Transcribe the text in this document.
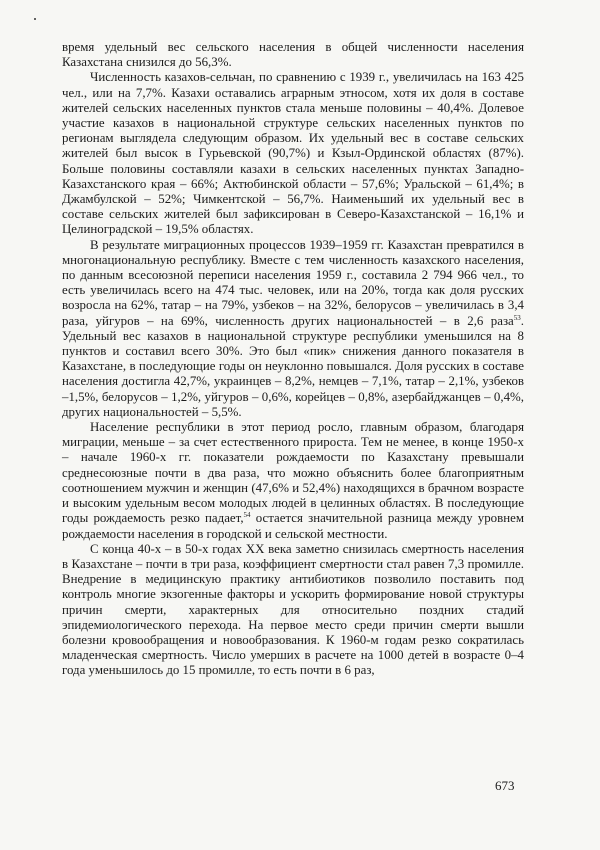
время удельный вес сельского населения в общей численности населения Казахстана снизился до 56,3%.

Численность казахов-сельчан, по сравнению с 1939 г., увеличилась на 163 425 чел., или на 7,7%. Казахи оставались аграрным этносом, хотя их доля в составе жителей сельских населенных пунктов стала меньше половины – 40,4%. Долевое участие казахов в национальной структуре сельских населенных пунктов по регионам выглядела следующим образом. Их удельный вес в составе сельских жителей был высок в Гурьевской (90,7%) и Кзыл-Ординской областях (87%). Больше половины составляли казахи в сельских населенных пунктах Западно-Казахстанского края – 66%; Актюбинской области – 57,6%; Уральской – 61,4%; в Джамбулской – 52%; Чимкентской – 56,7%. Наименьший их удельный вес в составе сельских жителей был зафиксирован в Северо-Казахстанской – 16,1% и Целиноградской – 19,5% областях.

В результате миграционных процессов 1939–1959 гг. Казахстан превратился в многонациональную республику. Вместе с тем численность казахского населения, по данным всесоюзной переписи населения 1959 г., составила 2 794 966 чел., то есть увеличилась всего на 474 тыс. человек, или на 20%, тогда как доля русских возросла на 62%, татар – на 79%, узбеков – на 32%, белорусов – увеличилась в 3,4 раза, уйгуров – на 69%, численность других национальностей – в 2,6 раза$^{53}$. Удельный вес казахов в национальной структуре республики уменьшился на 8 пунктов и составил всего 30%. Это был «пик» снижения данного показателя в Казахстане, в последующие годы он неуклонно повышался. Доля русских в составе населения достигла 42,7%, украинцев – 8,2%, немцев – 7,1%, татар – 2,1%, узбеков –1,5%, белорусов – 1,2%, уйгуров – 0,6%, корейцев – 0,8%, азербайджанцев – 0,4%, других национальностей – 5,5%.

Население республики в этот период росло, главным образом, благодаря миграции, меньше – за счет естественного прироста. Тем не менее, в конце 1950-х – начале 1960-х гг. показатели рождаемости по Казахстану превышали среднесоюзные почти в два раза, что можно объяснить более благоприятным соотношением мужчин и женщин (47,6% и 52,4%) находящихся в брачном возрасте и высоким удельным весом молодых людей в целинных областях. В последующие годы рождаемость резко падает,$^{54}$ остается значительной разница между уровнем рождаемости населения в городской и сельской местности.

С конца 40-х – в 50-х годах XX века заметно снизилась смертность населения в Казахстане – почти в три раза, коэффициент смертности стал равен 7,3 промилле. Внедрение в медицинскую практику антибиотиков позволило поставить под контроль многие экзогенные факторы и ускорить формирование новой структуры причин смерти, характерных для относительно поздних стадий эпидемиологического перехода. На первое место среди причин смерти вышли болезни кровообращения и новообразования. К 1960-м годам резко сократилась младенческая смертность. Число умерших в расчете на 1000 детей в возрасте 0–4 года уменьшилось до 15 промилле, то есть почти в 6 раз,

673
